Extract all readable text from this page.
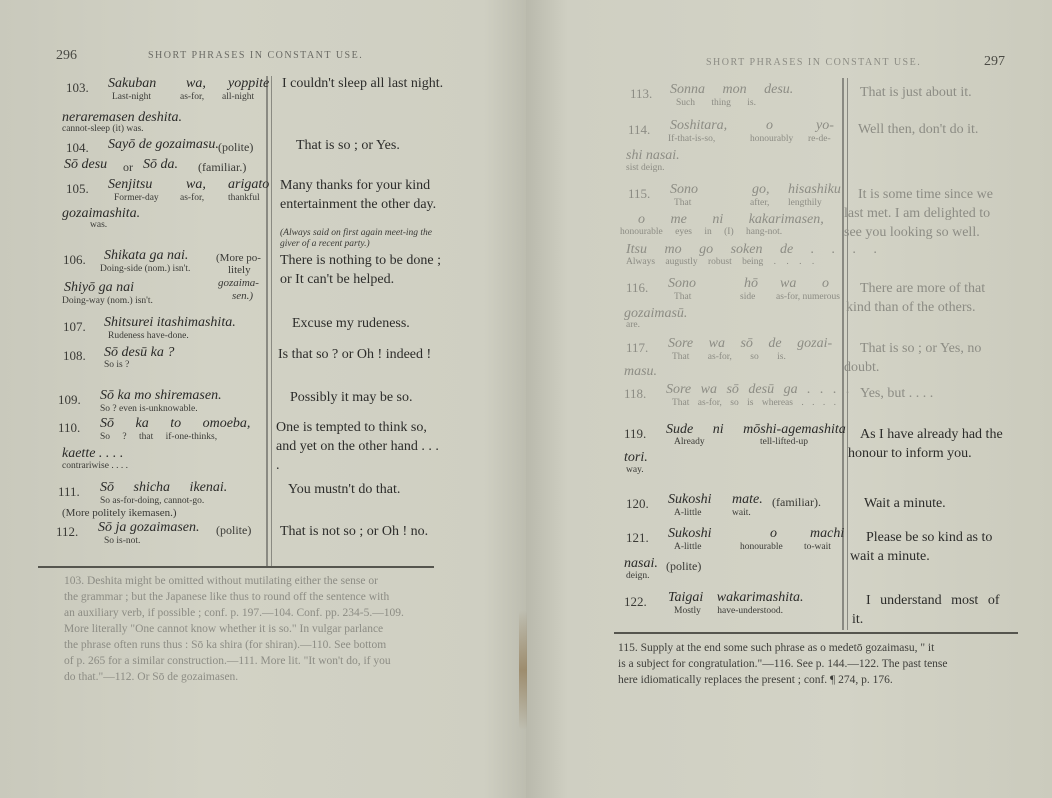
296	SHORT PHRASES IN CONSTANT USE.
103. Sakuban wa, yoppite
Last-night	as-for, all-night
neraremasen deshita.
cannot-sleep (it) was.
I couldn't sleep all last night.
104. Sayō de gozaimasu. (polite)
Sō desu or Sō da. (familiar.)
That is so ; or Yes.
105. Senjitsu wa, arigato
Former-day as-for,	thankful
gozaimashita.
was.
Many thanks for your kind entertainment the other day.
(Always said on first again meet-ing the giver of a recent party.)
106. Shikata ga nai.
Doing-side (nom.) isn't.
Shiyō ga nai
Doing-way (nom.) isn't.
(More po-
litely
gozaima-
sen.)
There is nothing to be done ; or It can't be helped.
107. Shitsurei itashimashita.
Rudeness have-done.
Excuse my rudeness.
108. Sō desū ka ?
So is ?
Is that so ? or Oh ! indeed !
109. Sō ka mo shiremasen.
So ? even is-unknowable.
Possibly it may be so.
110. Sō ka to omoeba,
So ? that if-one-thinks,
kaette . . . .
contrariwise . . . .
One is tempted to think so, and yet on the other hand . . . .
111. Sō shicha ikenai.
So as-for-doing, cannot-go.
(More politely ikemasen.)
You mustn't do that.
112. Sō ja gozaimasen. (polite)
So is-not.
That is not so ; or Oh ! no.
103. Deshita might be omitted without mutilating either the sense or
the grammar ; but the Japanese like thus to round off the sentence with
an auxiliary verb, if possible ; conf. p. 197.—104. Conf. pp. 234-5.—109.
More literally "One cannot know whether it is so." In vulgar parlance
the phrase often runs thus : Sō ka shira (for shiran).—110. See bottom
of p. 265 for a similar construction.—111. More lit. "It won't do, if you
do that."—112. Or Sō de gozaimasen.
SHORT PHRASES IN CONSTANT USE.	297
113. Sonna mon desu.
Such thing is.
That is just about it.
114. Soshitara,	o	yo-
If-that-is-so,	honourably re-de-
shi nasai.
sist deign.
Well then, don't do it.
115. Sono	go, hisashiku
That	after, lengthily
o me ni kakarimasen,
honourable eyes in (I) hang-not.
Itsu mo go soken de . . . .
Always augustly robust being . . . .
It is some time since we last met. I am delighted to see you looking so well.
116. Sono	hō wa o
That	side as-for, numerous
gozaimasū.
are.
There are more of that kind than of the others.
117. Sore wa sō de gozai-
That as-for, so is.
masu.
That is so ; or Yes, no doubt.
118. Sore wa sō desū ga . . . .
That as-for, so is whereas . . . .
Yes, but . . . .
119. Sude ni mōshi-agemashita
Already	tell-lifted-up
tori.
way.
As I have already had the honour to inform you.
120. Sukoshi mate. (familiar).
A-little	wait.
Wait a minute.
121. Sukoshi	o machi
A-little	honourable to-wait
nasai. (polite)
deign.
Please be so kind as to wait a minute.
122. Taigai wakarimashita.
Mostly have-understood.
I understand most of it.
115. Supply at the end some such phrase as o medetō gozaimasu, " it
is a subject for congratulation."—116. See p. 144.—122. The past tense
here idiomatically replaces the present ; conf. ¶ 274, p. 176.
